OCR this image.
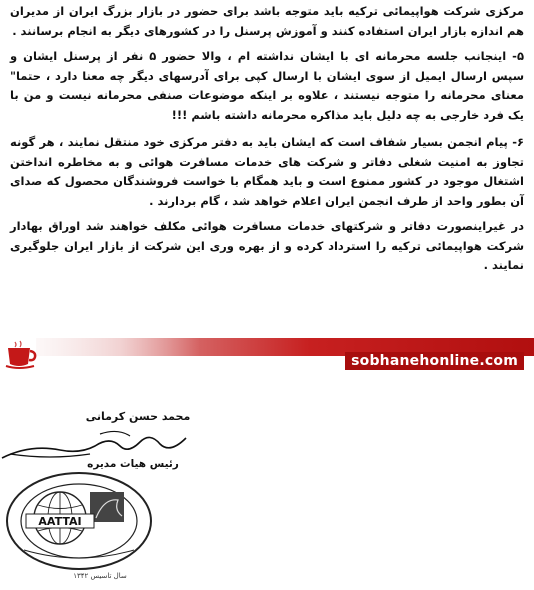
مرکزی شرکت هواپیمائی ترکیه باید متوجه باشد برای حضور در بازار بزرگ ایران از مدیران هم اندازه بازار ایران استفاده کنند و آموزش پرسنل را در کشورهای دیگر به انجام برسانند .

۵- اینجانب جلسه محرمانه ای با ایشان نداشته ام ، والا حضور ۵ نفر از پرسنل ایشان و سپس ارسال ایمیل از سوی ایشان با ارسال کپی برای آدرسهای دیگر چه معنا دارد ، حتما" معنای محرمانه را متوجه نیستند ، علاوه بر اینکه موضوعات صنفی محرمانه نیست و من با یک فرد خارجی به چه دلیل باید مذاکره محرمانه داشته باشم !!!

۶- پیام انجمن بسیار شفاف است که ایشان باید به دفتر مرکزی خود منتقل نمایند ، هر گونه تجاوز به امنیت شغلی دفاتر و شرکت های خدمات مسافرت هوائی و به مخاطره انداختن اشتغال موجود در کشور ممنوع است و باید همگام با خواست فروشندگان محصول که صدای آن بطور واحد از طرف انجمن ایران اعلام خواهد شد ، گام بردارند .

در غیراینصورت دفاتر و شرکتهای خدمات مسافرت هوائی مکلف خواهند شد اوراق بهادار شرکت هواپیمائی ترکیه را استرداد کرده و از بهره وری این شرکت از بازار ایران جلوگیری نمایند .

sobhanehonline.com
محمد حسن کرمانی
رئیس هیات مدیره
AATTAI
سال تاسیس ۱۳۴۲
